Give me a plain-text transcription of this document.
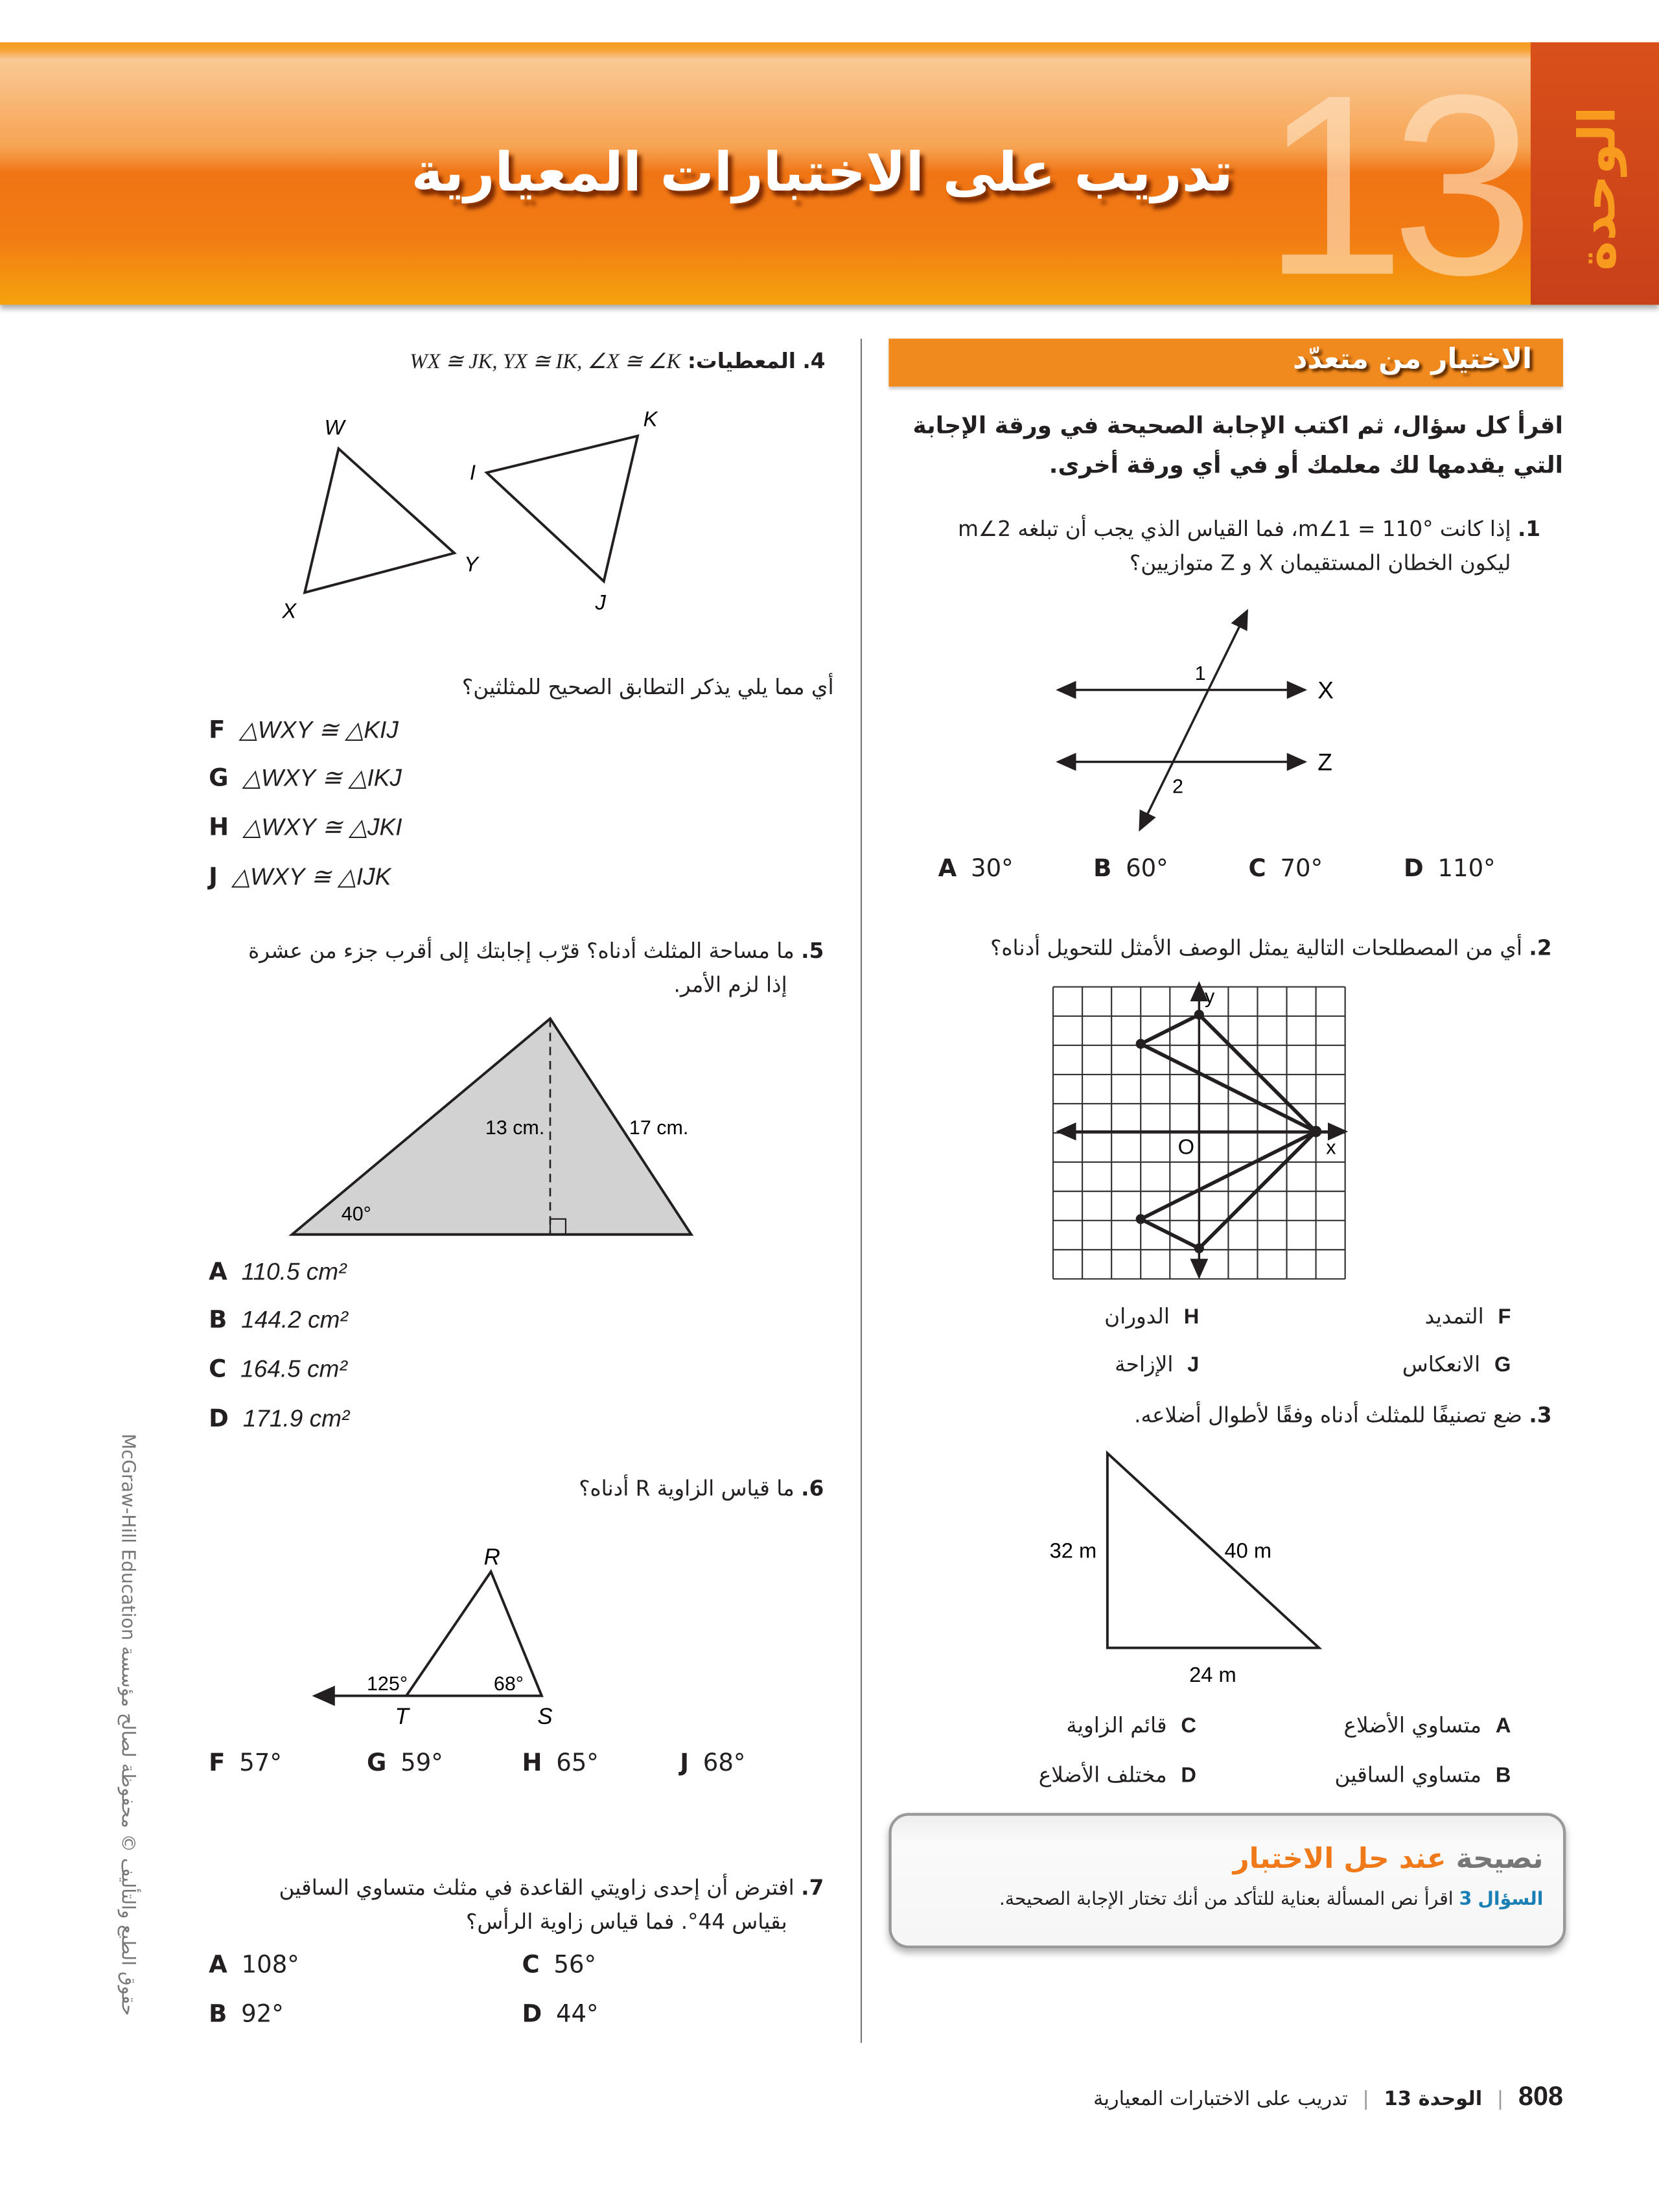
13 الوحدة
تدريب على الاختبارات المعيارية
الاختيار من متعدّد
اقرأ كل سؤال، ثم اكتب الإجابة الصحيحة في ورقة الإجابة التي يقدمها لك معلمك أو في أي ورقة أخرى.
1. إذا كانت m∠1 = 110°، فما القياس الذي يجب أن تبلغه m∠2
ليكون الخطان المستقيمان X و Z متوازيين؟
1
2
X
Z
A 30°	B 60°	C 70°	D 110°
2. أي من المصطلحات التالية يمثل الوصف الأمثل للتحويل أدناه؟
y
x
O
Fالتمديد
Hالدوران
Gالانعكاس
Jالإزاحة
3. ضع تصنيفًا للمثلث أدناه وفقًا لأطوال أضلاعه.
32 m	40 m
24 m
Aمتساوي الأضلاع
Cقائم الزاوية
Bمتساوي الساقين
Dمختلف الأضلاع
نصيحة عند حل الاختبار
السؤال 3 اقرأ نص المسألة بعناية للتأكد من أنك تختار الإجابة الصحيحة.
4. المعطيات: WX ≅ JK, YX ≅ IK, ∠X ≅ ∠K
W
X
Y
I
J
K
أي مما يلي يذكر التطابق الصحيح للمثلثين؟
F △WXY ≅ △KIJ
G △WXY ≅ △IKJ
H △WXY ≅ △JKI
J △WXY ≅ △IJK
5. ما مساحة المثلث أدناه؟ قرّب إجابتك إلى أقرب جزء من عشرة
إذا لزم الأمر.
13 cm.	17 cm.
40°
A 110.5 cm²
B 144.2 cm²
C 164.5 cm²
D 171.9 cm²
6. ما قياس الزاوية R أدناه؟
R
T	S
125°	68°
F 57°	G 59°	H 65°	J 68°
7. افترض أن إحدى زاويتي القاعدة في مثلث متساوي الساقين
بقياس 44°. فما قياس زاوية الرأس؟
A 108°	C 56°
B 92°	D 44°
حقوق الطبع والتأليف © محفوظة لصالح مؤسسة McGraw-Hill Education
808 | الوحدة 13 | تدريب على الاختبارات المعيارية
